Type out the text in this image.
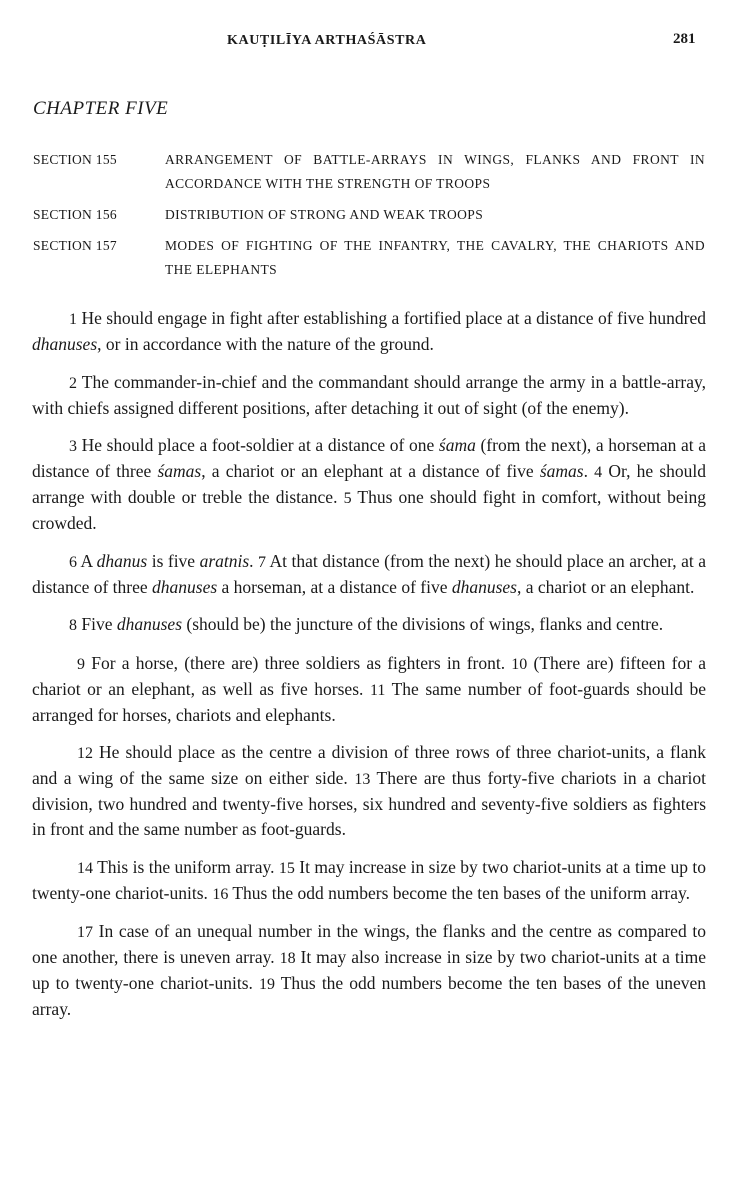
KAUṬILĪYA ARTHAŚĀSTRA	281
CHAPTER FIVE
SECTION 155	ARRANGEMENT OF BATTLE-ARRAYS IN WINGS, FLANKS AND FRONT IN ACCORDANCE WITH THE STRENGTH OF TROOPS
SECTION 156	DISTRIBUTION OF STRONG AND WEAK TROOPS
SECTION 157	MODES OF FIGHTING OF THE INFANTRY, THE CAVALRY, THE CHARIOTS AND THE ELEPHANTS

1 He should engage in fight after establishing a fortified place at a distance of five hundred dhanuses, or in accordance with the nature of the ground.

2 The commander-in-chief and the commandant should arrange the army in a battle-array, with chiefs assigned different positions, after detaching it out of sight (of the enemy).

3 He should place a foot-soldier at a distance of one śama (from the next), a horseman at a distance of three śamas, a chariot or an elephant at a distance of five śamas. 4 Or, he should arrange with double or treble the distance. 5 Thus one should fight in comfort, without being crowded.

6 A dhanus is five aratnis. 7 At that distance (from the next) he should place an archer, at a distance of three dhanuses a horseman, at a distance of five dhanuses, a chariot or an elephant.

8 Five dhanuses (should be) the juncture of the divisions of wings, flanks and centre.

9 For a horse, (there are) three soldiers as fighters in front. 10 (There are) fifteen for a chariot or an elephant, as well as five horses. 11 The same number of foot-guards should be arranged for horses, chariots and elephants.

12 He should place as the centre a division of three rows of three chariot-units, a flank and a wing of the same size on either side. 13 There are thus forty-five chariots in a chariot division, two hundred and twenty-five horses, six hundred and seventy-five soldiers as fighters in front and the same number as foot-guards.

14 This is the uniform array. 15 It may increase in size by two chariot-units at a time up to twenty-one chariot-units. 16 Thus the odd numbers become the ten bases of the uniform array.

17 In case of an unequal number in the wings, the flanks and the centre as compared to one another, there is uneven array. 18 It may also increase in size by two chariot-units at a time up to twenty-one chariot-units. 19 Thus the odd numbers become the ten bases of the uneven array.
